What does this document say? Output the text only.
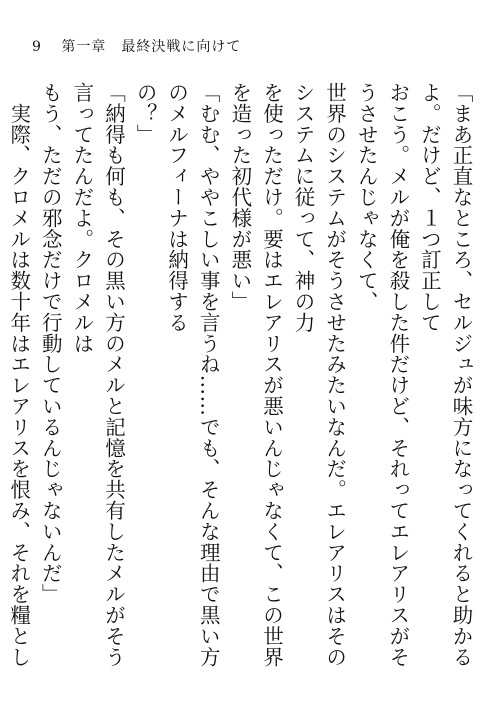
9 第一章　最終決戦に向けて

「まあ正直なところ、セルジュが味方になってくれると助かるよ。だけど、１つ訂正して

おこう。メルが俺を殺した件だけど、それってエレアリスがそうさせたんじゃなくて、

世界のシステムがそうさせたみたいなんだ。エレアリスはそのシステムに従って、神の力

を使っただけ。要はエレアリスが悪いんじゃなくて、この世界を造った初代様が悪い」

「むむ、ややこしい事を言うね……でも、そんな理由で黒い方のメルフィーナは納得する

の？」

「納得も何も、その黒い方のメルと記憶を共有したメルがそう言ってたんだよ。クロメルは

もう、ただの邪念だけで行動しているんじゃないんだ」

　実際、クロメルは数十年はエレアリスを恨み、それを糧とし
